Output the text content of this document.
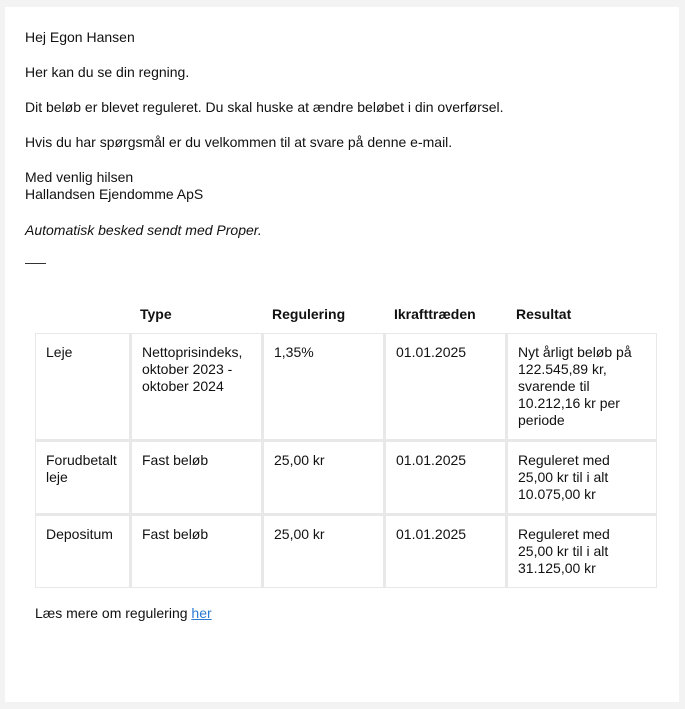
Hej Egon Hansen

Her kan du se din regning.

Dit beløb er blevet reguleret. Du skal huske at ændre beløbet i din overførsel.

Hvis du har spørgsmål er du velkommen til at svare på denne e-mail.

Med venlig hilsen
Hallandsen Ejendomme ApS

Automatisk besked sendt med Proper.

	Type	Regulering	Ikrafttræden	Resultat
Leje	Nettoprisindeks, oktober 2023 - oktober 2024	1,35%	01.01.2025	Nyt årligt beløb på 122.545,89 kr, svarende til 10.212,16 kr per periode
Forudbetalt leje	Fast beløb	25,00 kr	01.01.2025	Reguleret med 25,00 kr til i alt 10.075,00 kr
Depositum	Fast beløb	25,00 kr	01.01.2025	Reguleret med 25,00 kr til i alt 31.125,00 kr

Læs mere om regulering her
